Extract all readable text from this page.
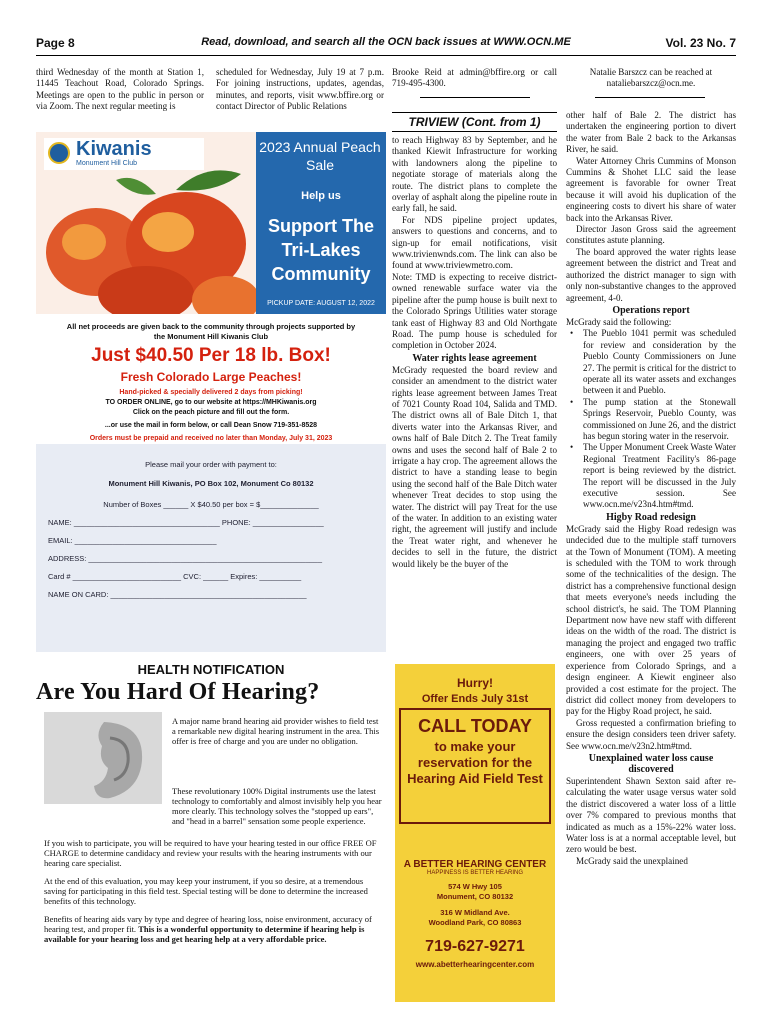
Page 8	Read, download, and search all the OCN back issues at WWW.OCN.ME	Vol. 23 No. 7

third Wednesday of the month at Station 1, 11445 Teachout Road, Colorado Springs. Meetings are open to the public in person or via Zoom. The next regular meeting is

scheduled for Wednesday, July 19 at 7 p.m. For joining instructions, updates, agendas, minutes, and reports, visit www.bffire.org or contact Director of Public Relations

Brooke Reid at admin@bffire.org or call 719-495-4300.

Natalie Barszcz can be reached at nataliebarszcz@ocn.me.

Kiwanis
Monument Hill Club
2023 Annual Peach Sale
Help us
Support The Tri-Lakes Community
PICKUP DATE: AUGUST 12, 2022
All net proceeds are given back to the community through projects supported by the Monument Hill Kiwanis Club
Just $40.50 Per 18 lb. Box!
Fresh Colorado Large Peaches!
Hand-picked & specially delivered 2 days from picking!
TO ORDER ONLINE, go to our website at https://MHKiwanis.org
Click on the peach picture and fill out the form.
...or use the mail in form below, or call Dean Snow 719-351-8528
Orders must be prepaid and received no later than Monday, July 31, 2023
Please mail your order with payment to:
Monument Hill Kiwanis, PO Box 102, Monument Co 80132
Number of Boxes ______ X $40.50 per box = $______________
NAME: ___________________________________ PHONE: _________________
EMAIL: __________________________________
ADDRESS: ________________________________________________________
Card # __________________________ CVC: ______ Expires: __________
NAME ON CARD: _______________________________________________
TRIVIEW (Cont. from 1)

to reach Highway 83 by September, and he thanked Kiewit Infrastructure for working with landowners along the pipeline to negotiate storage of materials along the route. The district plans to complete the overlay of asphalt along the pipeline route in early fall, he said.

For NDS pipeline project updates, answers to questions and concerns, and to sign-up for email notifications, visit www.trivienwnds.com. The link can also be found at www.triviewmetro.com.

Note: TMD is expecting to receive district-owned renewable surface water via the pipeline after the pump house is built next to the Colorado Springs Utilities water storage tank east of Highway 83 and Old Northgate Road. The pump house is scheduled for completion in October 2024.

Water rights lease agreement

McGrady requested the board review and consider an amendment to the district water rights lease agreement between James Treat of 7021 County Road 104, Salida and TMD. The district owns all of Bale Ditch 1, that diverts water into the Arkansas River, and owns half of Bale Ditch 2. The Treat family owns and uses the second half of Bale 2 to irrigate a hay crop. The agreement allows the district to have a standing lease to begin using the second half of the Bale Ditch water whenever Treat decides to stop using the water. The district will pay Treat for the use of the water. In addition to an existing water right, the agreement will justify and include the Treat water right, and whenever he decides to sell in the future, the district would likely be the buyer of the

other half of Bale 2. The district has undertaken the engineering portion to divert the water from Bale 2 back to the Arkansas River, he said.

Water Attorney Chris Cummins of Monson Cummins & Shohet LLC said the lease agreement is favorable for owner Treat because it will avoid his duplication of the engineering costs to divert his share of water back into the Arkansas River.

Director Jason Gross said the agreement constitutes astute planning.

The board approved the water rights lease agreement between the district and Treat and authorized the district manager to sign with only non-substantive changes to the approved agreement, 4-0.

Operations report

McGrady said the following:

• The Pueblo 1041 permit was scheduled for review and consideration by the Pueblo County Commissioners on June 27. The permit is critical for the district to operate all its water assets and exchanges between it and Pueblo.
• The pump station at the Stonewall Springs Reservoir, Pueblo County, was commissioned on June 26, and the district has begun storing water in the reservoir.
• The Upper Monument Creek Waste Water Regional Treatment Facility's 86-page report is being reviewed by the district. The report will be discussed in the July executive session. See www.ocn.me/v23n4.htm#tmd.
Higby Road redesign

McGrady said the Higby Road redesign was undecided due to the multiple staff turnovers at the Town of Monument (TOM). A meeting is scheduled with the TOM to work through some of the technicalities of the design. The district has a comprehensive functional design that meets everyone's needs including the school district's, he said. The TOM Planning Department now have new staff with different ideas on the width of the road. The district is managing the project and engaged two traffic engineers, one with over 25 years of experience from Colorado Springs, and a design engineer. A Kiewit engineer also provided a cost estimate for the project. The district did collect money from developers to pay for the Higby Road project, he said.

Gross requested a confirmation briefing to ensure the design considers teen driver safety. See www.ocn.me/v23n2.htm#tmd.

Unexplained water loss cause discovered

Superintendent Shawn Sexton said after re-calculating the water usage versus water sold the district discovered a water loss of a little over 7% compared to previous months that indicated as much as a 15%-22% water loss. Water loss is at a normal acceptable level, but zero would be best.

McGrady said the unexplained

HEALTH NOTIFICATION
Are You Hard Of Hearing?
A major name brand hearing aid provider wishes to field test a remarkable new digital hearing instrument in the area. This offer is free of charge and you are under no obligation.
These revolutionary 100% Digital instruments use the latest technology to comfortably and almost invisibly help you hear more clearly. This technology solves the "stopped up ears", and "head in a barrel" sensation some people experience.
If you wish to participate, you will be required to have your hearing tested in our office FREE OF CHARGE to determine candidacy and review your results with the hearing instruments with our hearing care specialist.
At the end of this evaluation, you may keep your instrument, if you so desire, at a tremendous saving for participating in this field test. Special testing will be done to determine the increased benefits of this technology.
Benefits of hearing aids vary by type and degree of hearing loss, noise environment, accuracy of hearing test, and proper fit. This is a wonderful opportunity to determine if hearing help is available for your hearing loss and get hearing help at a very affordable price.
Hurry!
Offer Ends July 31st
CALL TODAY
to make your reservation for the Hearing Aid Field Test
A BETTER HEARING CENTER
HAPPINESS IS BETTER HEARING
574 W Hwy 105
Monument, CO 80132
316 W Midland Ave.
Woodland Park, CO 80863
719-627-9271
www.abetterhearingcenter.com
